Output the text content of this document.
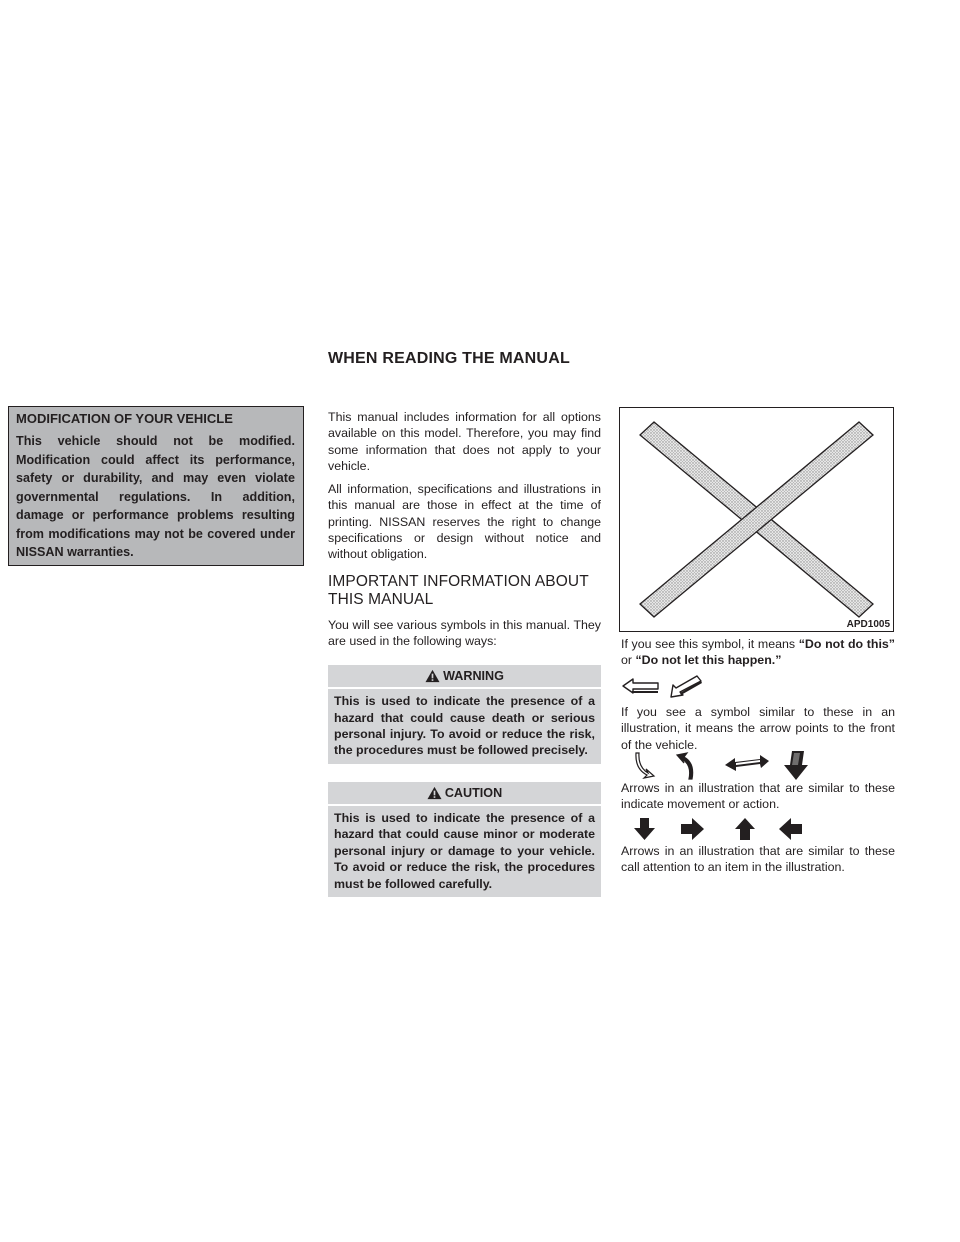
WHEN READING THE MANUAL
MODIFICATION OF YOUR VEHICLE

This vehicle should not be modified. Modification could affect its performance, safety or durability, and may even violate governmental regulations. In addition, damage or performance problems resulting from modifications may not be covered under NISSAN warranties.

This manual includes information for all options available on this model. Therefore, you may find some information that does not apply to your vehicle.

All information, specifications and illustrations in this manual are those in effect at the time of printing. NISSAN reserves the right to change specifications or design without notice and without obligation.

IMPORTANT INFORMATION ABOUT THIS MANUAL

You will see various symbols in this manual. They are used in the following ways:

WARNING
This is used to indicate the presence of a hazard that could cause death or serious personal injury. To avoid or reduce the risk, the procedures must be followed precisely.
CAUTION
This is used to indicate the presence of a hazard that could cause minor or moderate personal injury or damage to your vehicle. To avoid or reduce the risk, the procedures must be followed carefully.
APD1005

If you see this symbol, it means “Do not do this” or “Do not let this happen.”

If you see a symbol similar to these in an illustration, it means the arrow points to the front of the vehicle.

Arrows in an illustration that are similar to these indicate movement or action.

Arrows in an illustration that are similar to these call attention to an item in the illustration.
